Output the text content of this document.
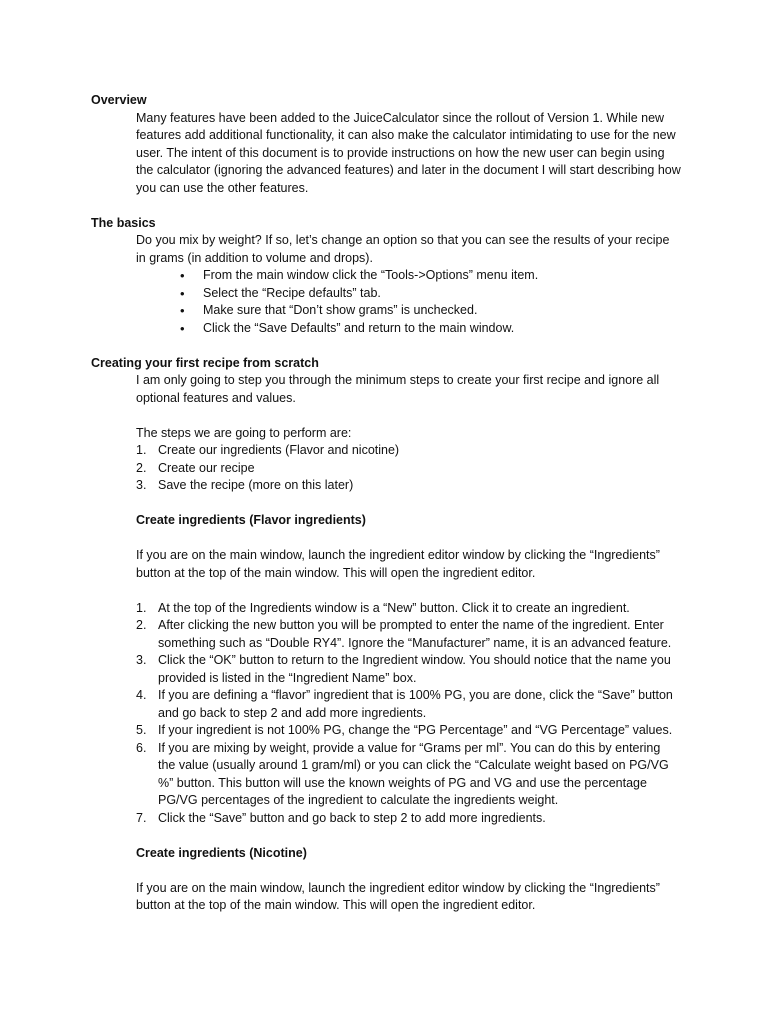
Overview
Many features have been added to the JuiceCalculator since the rollout of Version 1. While new features add additional functionality, it can also make the calculator intimidating to use for the new user. The intent of this document is to provide instructions on how the new user can begin using the calculator (ignoring the advanced features) and later in the document I will start describing how you can use the other features.
The basics
Do you mix by weight? If so, let’s change an option so that you can see the results of your recipe in grams (in addition to volume and drops).
• From the main window click the “Tools->Options” menu item.
• Select the “Recipe defaults” tab.
• Make sure that “Don’t show grams” is unchecked.
• Click the “Save Defaults” and return to the main window.
Creating your first recipe from scratch
I am only going to step you through the minimum steps to create your first recipe and ignore all optional features and values.
The steps we are going to perform are:
1. Create our ingredients (Flavor and nicotine)
2. Create our recipe
3. Save the recipe (more on this later)
Create ingredients (Flavor ingredients)
If you are on the main window, launch the ingredient editor window by clicking the “Ingredients” button at the top of the main window. This will open the ingredient editor.
1. At the top of the Ingredients window is a “New” button. Click it to create an ingredient.
2. After clicking the new button you will be prompted to enter the name of the ingredient. Enter something such as “Double RY4”. Ignore the “Manufacturer” name, it is an advanced feature.
3. Click the “OK” button to return to the Ingredient window. You should notice that the name you provided is listed in the “Ingredient Name” box.
4. If you are defining a “flavor” ingredient that is 100% PG, you are done, click the “Save” button and go back to step 2 and add more ingredients.
5. If your ingredient is not 100% PG, change the “PG Percentage” and “VG Percentage” values.
6. If you are mixing by weight, provide a value for “Grams per ml”. You can do this by entering the value (usually around 1 gram/ml) or you can click the “Calculate weight based on PG/VG %” button. This button will use the known weights of PG and VG and use the percentage PG/VG percentages of the ingredient to calculate the ingredients weight.
7. Click the “Save” button and go back to step 2 to add more ingredients.
Create ingredients (Nicotine)
If you are on the main window, launch the ingredient editor window by clicking the “Ingredients” button at the top of the main window. This will open the ingredient editor.
